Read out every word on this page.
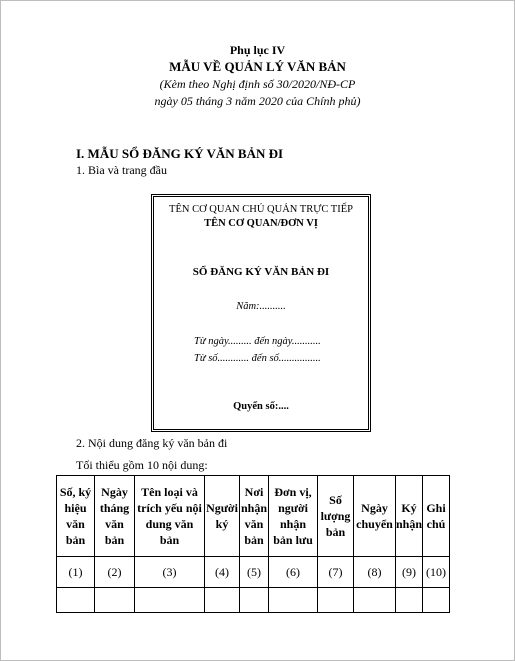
Phụ lục IV
MẪU VỀ QUẢN LÝ VĂN BẢN
(Kèm theo Nghị định số 30/2020/NĐ-CP
ngày 05 tháng 3 năm 2020 của Chính phủ)
I. MẪU SỔ ĐĂNG KÝ VĂN BẢN ĐI
1. Bìa và trang đầu
TÊN CƠ QUAN CHỦ QUẢN TRỰC TIẾP
TÊN CƠ QUAN/ĐƠN VỊ
SỔ ĐĂNG KÝ VĂN BẢN ĐI
Năm:..........
Từ ngày......... đến ngày...........
Từ số............ đến số................
Quyển số:....
2. Nội dung đăng ký văn bản đi
Tối thiểu gồm 10 nội dung:
Số, ký hiệu văn bản	Ngày tháng văn bản	Tên loại và trích yếu nội dung văn bản	Người ký	Nơi nhận văn bản	Đơn vị, người nhận bản lưu	Số lượng bản	Ngày chuyển	Ký nhận	Ghi chú
(1)	(2)	(3)	(4)	(5)	(6)	(7)	(8)	(9)	(10)
